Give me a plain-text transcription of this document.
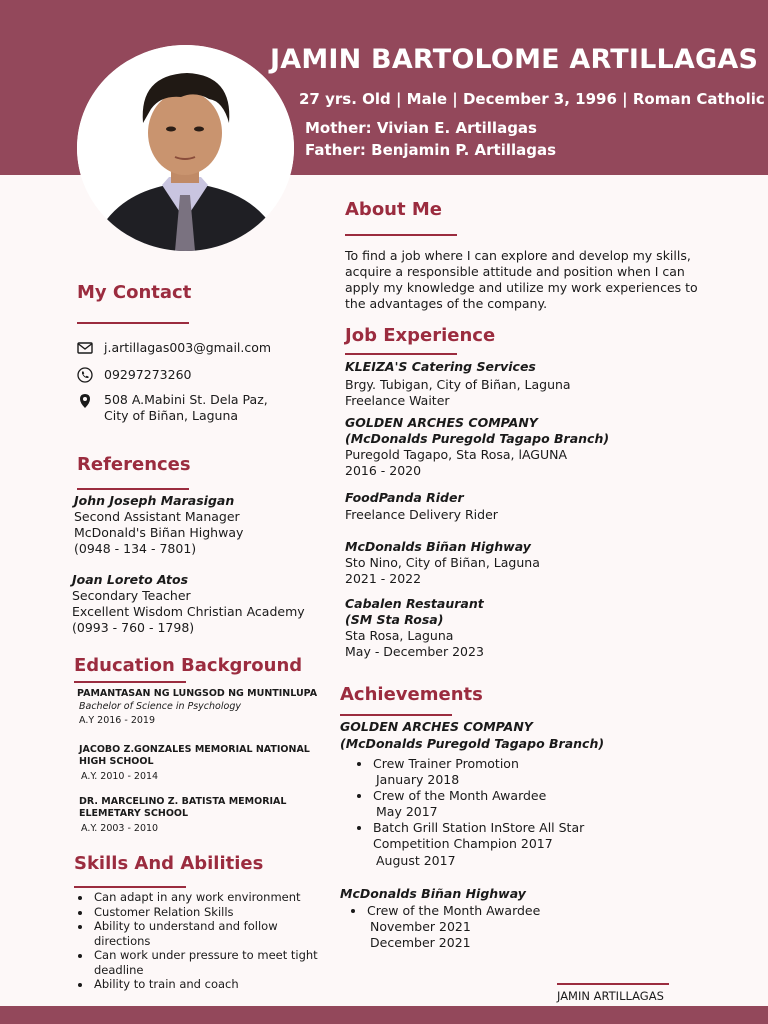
JAMIN BARTOLOME ARTILLAGAS
27 yrs. Old | Male | December 3, 1996 | Roman Catholic
Mother: Vivian E. Artillagas
Father: Benjamin P. Artillagas
My Contact
j.artillagas003@gmail.com
09297273260
508 A.Mabini St. Dela Paz,
City of Biñan, Laguna
References
John Joseph Marasigan
Second Assistant Manager
McDonald's Biñan Highway
(0948 - 134 - 7801)
Joan Loreto Atos
Secondary Teacher
Excellent Wisdom Christian Academy
(0993 - 760 - 1798)
Education Background
PAMANTASAN NG LUNGSOD NG MUNTINLUPA
Bachelor of Science in Psychology
A.Y 2016 - 2019
JACOBO Z.GONZALES MEMORIAL NATIONAL HIGH SCHOOL
A.Y. 2010 - 2014
DR. MARCELINO Z. BATISTA MEMORIAL ELEMETARY SCHOOL
A.Y. 2003 - 2010
Skills And Abilities
Can adapt in any work environment
Customer Relation Skills
Ability to understand and follow directions
Can work under pressure to meet tight deadline
Ability to train and coach
About Me
To find a job where I can explore and develop my skills, acquire a responsible attitude and position when I can apply my knowledge and utilize my work experiences to the advantages of the company.
Job Experience
KLEIZA'S Catering Services
Brgy. Tubigan, City of Biñan, Laguna
Freelance Waiter
GOLDEN ARCHES COMPANY
(McDonalds Puregold Tagapo Branch)
Puregold Tagapo, Sta Rosa, lAGUNA
2016 - 2020
FoodPanda Rider
Freelance Delivery Rider
McDonalds Biñan Highway
Sto Nino, City of Biñan, Laguna
2021 - 2022
Cabalen Restaurant
(SM Sta Rosa)
Sta Rosa, Laguna
May - December 2023
Achievements
GOLDEN ARCHES COMPANY
(McDonalds Puregold Tagapo Branch)
Crew Trainer Promotion
January 2018
Crew of the Month Awardee
May 2017
Batch Grill Station InStore All Star Competition Champion 2017
August 2017
McDonalds Biñan Highway
Crew of the Month Awardee
November 2021
December 2021
JAMIN ARTILLAGAS
